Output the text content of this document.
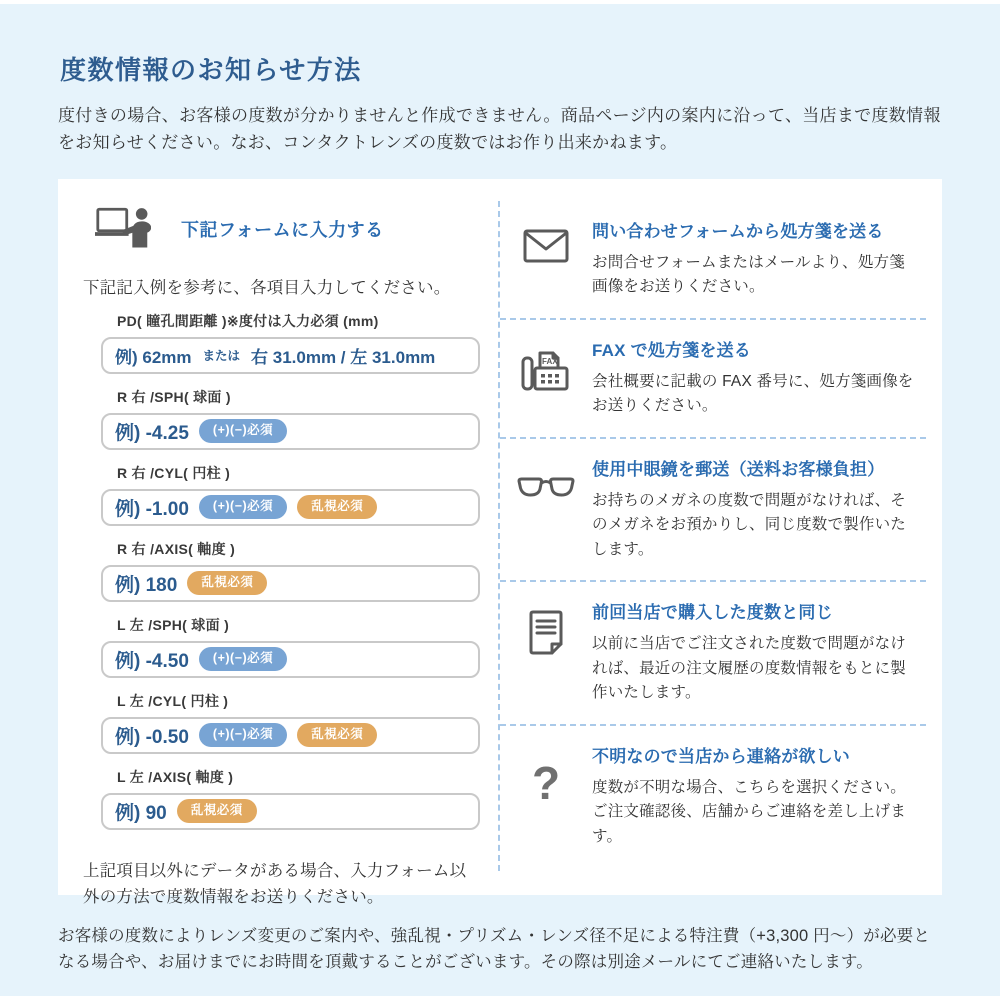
度数情報のお知らせ方法

度付きの場合、お客様の度数が分かりませんと作成できません。商品ページ内の案内に沿って、当店まで度数情報をお知らせください。なお、コンタクトレンズの度数ではお作り出来かねます。

下記フォームに入力する

下記記入例を参考に、各項目入力してください。

PD( 瞳孔間距離 )※度付は入力必須 (mm)
例) 62mm または 右 31.0mm / 左 31.0mm
R 右 /SPH( 球面 )
例) -4.25	(+)(−)必須
R 右 /CYL( 円柱 )
例) -1.00	(+)(−)必須	乱視必須
R 右 /AXIS( 軸度 )
例) 180	乱視必須
L 左 /SPH( 球面 )
例) -4.50	(+)(−)必須
L 左 /CYL( 円柱 )
例) -0.50	(+)(−)必須	乱視必須
L 左 /AXIS( 軸度 )
例) 90	乱視必須

上記項目以外にデータがある場合、入力フォーム以外の方法で度数情報をお送りください。

問い合わせフォームから処方箋を送る
お問合せフォームまたはメールより、処方箋画像をお送りください。
FAX
FAX で処方箋を送る
会社概要に記載の FAX 番号に、処方箋画像をお送りください。
使用中眼鏡を郵送（送料お客様負担）
お持ちのメガネの度数で問題がなければ、そのメガネをお預かりし、同じ度数で製作いたします。
前回当店で購入した度数と同じ
以前に当店でご注文された度数で問題がなければ、最近の注文履歴の度数情報をもとに製作いたします。
?
不明なので当店から連絡が欲しい
度数が不明な場合、こちらを選択ください。ご注文確認後、店舗からご連絡を差し上げます。

お客様の度数によりレンズ変更のご案内や、強乱視・プリズム・レンズ径不足による特注費（+3,300 円～）が必要となる場合や、お届けまでにお時間を頂戴することがございます。その際は別途メールにてご連絡いたします。
